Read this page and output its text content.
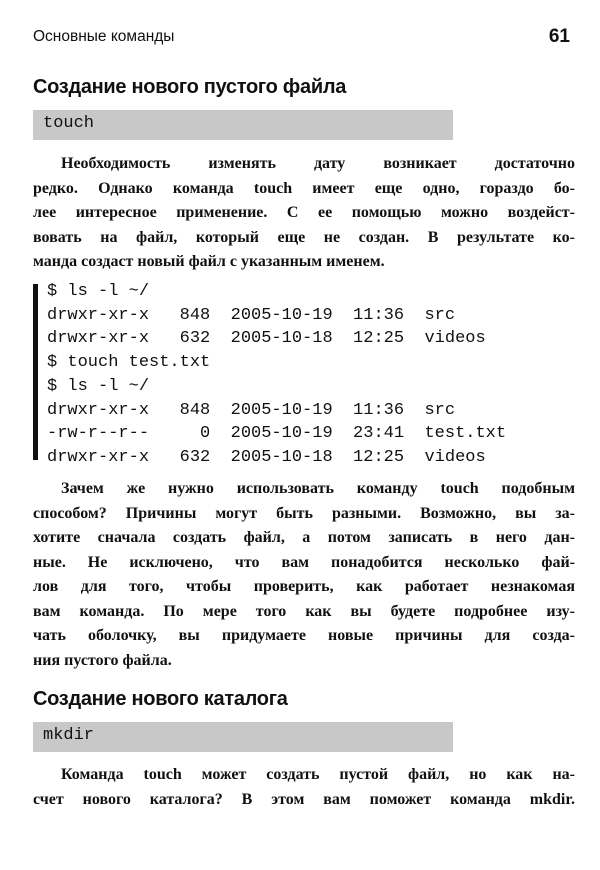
Основные команды	61
Создание нового пустого файла
touch
Необходимость изменять дату возникает достаточно
редко. Однако команда touch имеет еще одно, гораздо бо-
лее интересное применение. С ее помощью можно воздейст-
вовать на файл, который еще не создан. В результате ко-
манда создаст новый файл с указанным именем.
$ ls -l ~/
drwxr-xr-x   848  2005-10-19  11:36  src
drwxr-xr-x   632  2005-10-18  12:25  videos
$ touch test.txt
$ ls -l ~/
drwxr-xr-x   848  2005-10-19  11:36  src
-rw-r--r--     0  2005-10-19  23:41  test.txt
drwxr-xr-x   632  2005-10-18  12:25  videos
Зачем же нужно использовать команду touch подобным
способом? Причины могут быть разными. Возможно, вы за-
хотите сначала создать файл, а потом записать в него дан-
ные. Не исключено, что вам понадобится несколько фай-
лов для того, чтобы проверить, как работает незнакомая
вам команда. По мере того как вы будете подробнее изу-
чать оболочку, вы придумаете новые причины для созда-
ния пустого файла.
Создание нового каталога
mkdir
Команда touch может создать пустой файл, но как на-
счет нового каталога? В этом вам поможет команда mkdir.
